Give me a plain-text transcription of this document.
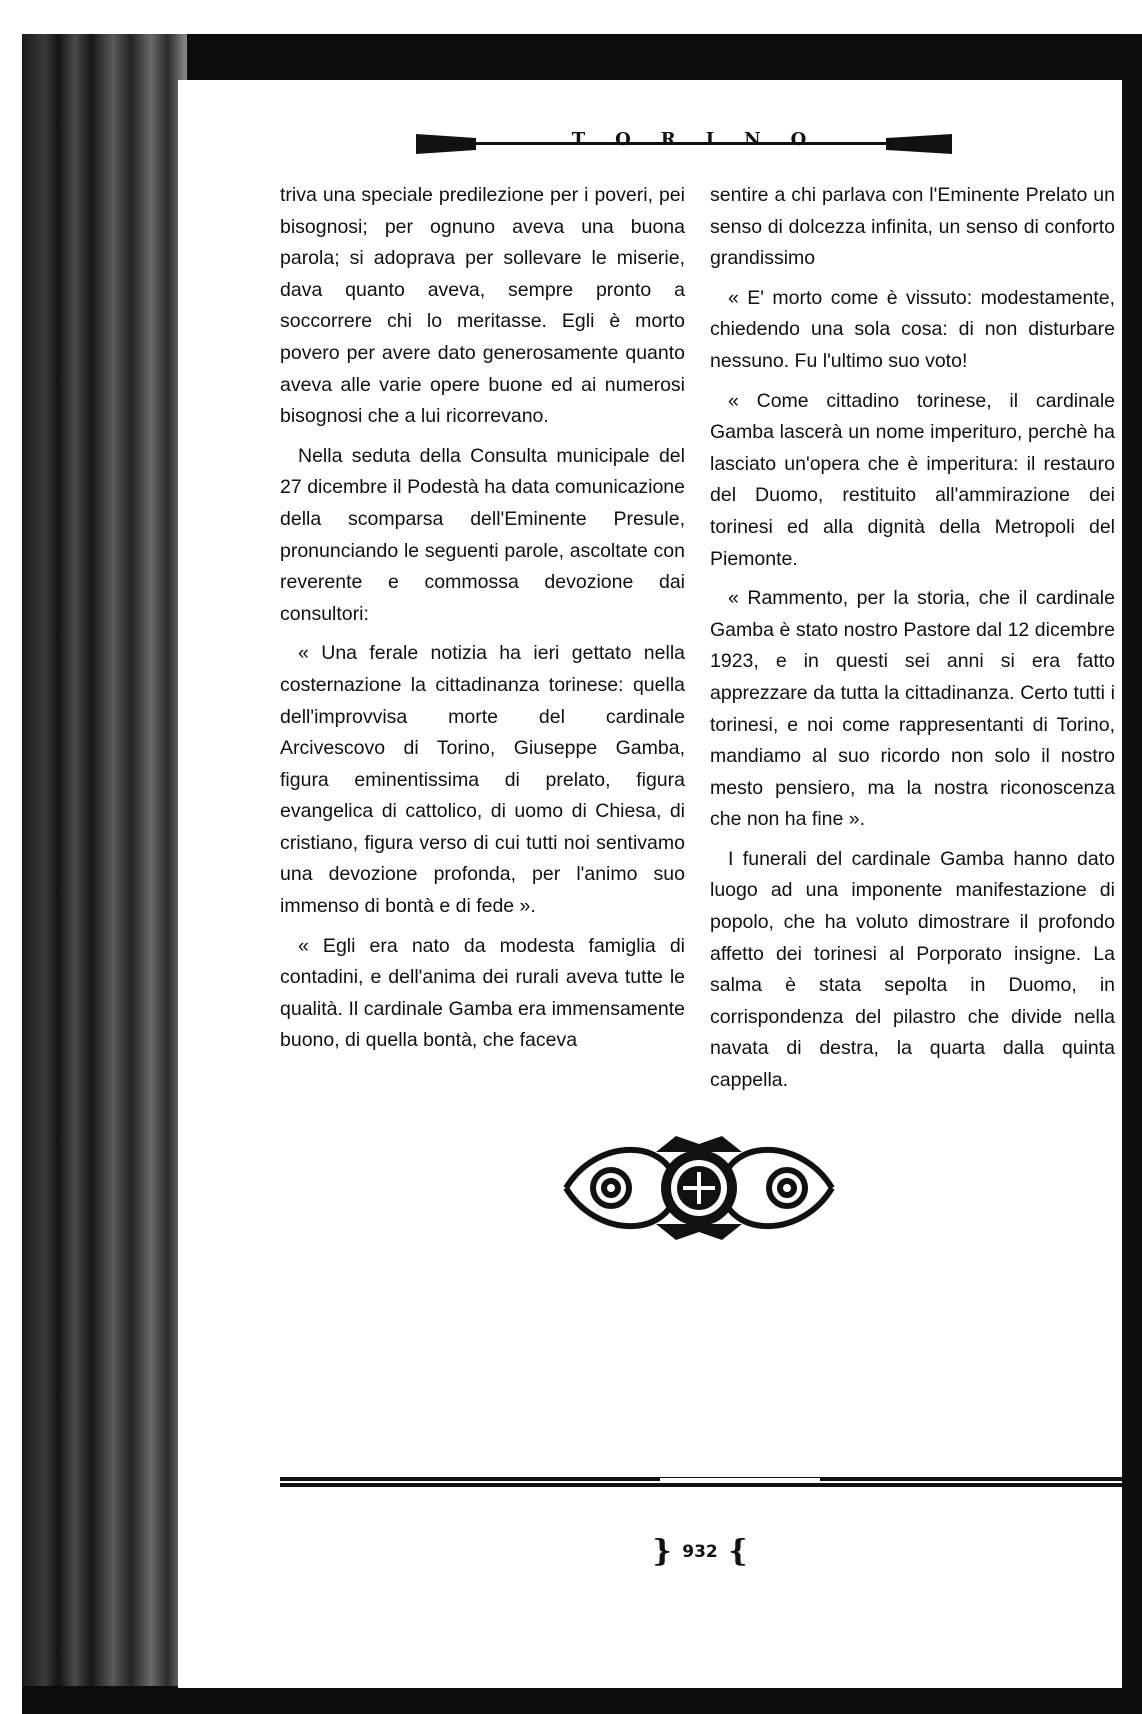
TORINO

triva una speciale predilezione per i poveri, pei bisognosi; per ognuno aveva una buona parola; si adoprava per sollevare le miserie, dava quanto aveva, sempre pronto a soccorrere chi lo meritasse. Egli è morto povero per avere dato generosamente quanto aveva alle varie opere buone ed ai numerosi bisognosi che a lui ricorrevano.

Nella seduta della Consulta municipale del 27 dicembre il Podestà ha data comunicazione della scomparsa dell'Eminente Presule, pronunciando le seguenti parole, ascoltate con reverente e commossa devozione dai consultori:

« Una ferale notizia ha ieri gettato nella costernazione la cittadinanza torinese: quella dell'improvvisa morte del cardinale Arcivescovo di Torino, Giuseppe Gamba, figura eminentissima di prelato, figura evangelica di cattolico, di uomo di Chiesa, di cristiano, figura verso di cui tutti noi sentivamo una devozione profonda, per l'animo suo immenso di bontà e di fede ».

« Egli era nato da modesta famiglia di contadini, e dell'anima dei rurali aveva tutte le qualità. Il cardinale Gamba era immensamente buono, di quella bontà, che faceva

sentire a chi parlava con l'Eminente Prelato un senso di dolcezza infinita, un senso di conforto grandissimo

« E' morto come è vissuto: modestamente, chiedendo una sola cosa: di non disturbare nessuno. Fu l'ultimo suo voto!

« Come cittadino torinese, il cardinale Gamba lascerà un nome imperituro, perchè ha lasciato un'opera che è imperitura: il restauro del Duomo, restituito all'ammirazione dei torinesi ed alla dignità della Metropoli del Piemonte.

« Rammento, per la storia, che il cardinale Gamba è stato nostro Pastore dal 12 dicembre 1923, e in questi sei anni si era fatto apprezzare da tutta la cittadinanza. Certo tutti i torinesi, e noi come rappresentanti di Torino, mandiamo al suo ricordo non solo il nostro mesto pensiero, ma la nostra riconoscenza che non ha fine ».

I funerali del cardinale Gamba hanno dato luogo ad una imponente manifestazione di popolo, che ha voluto dimostrare il profondo affetto dei torinesi al Porporato insigne. La salma è stata sepolta in Duomo, in corrispondenza del pilastro che divide nella navata di destra, la quarta dalla quinta cappella.

} 932 {
